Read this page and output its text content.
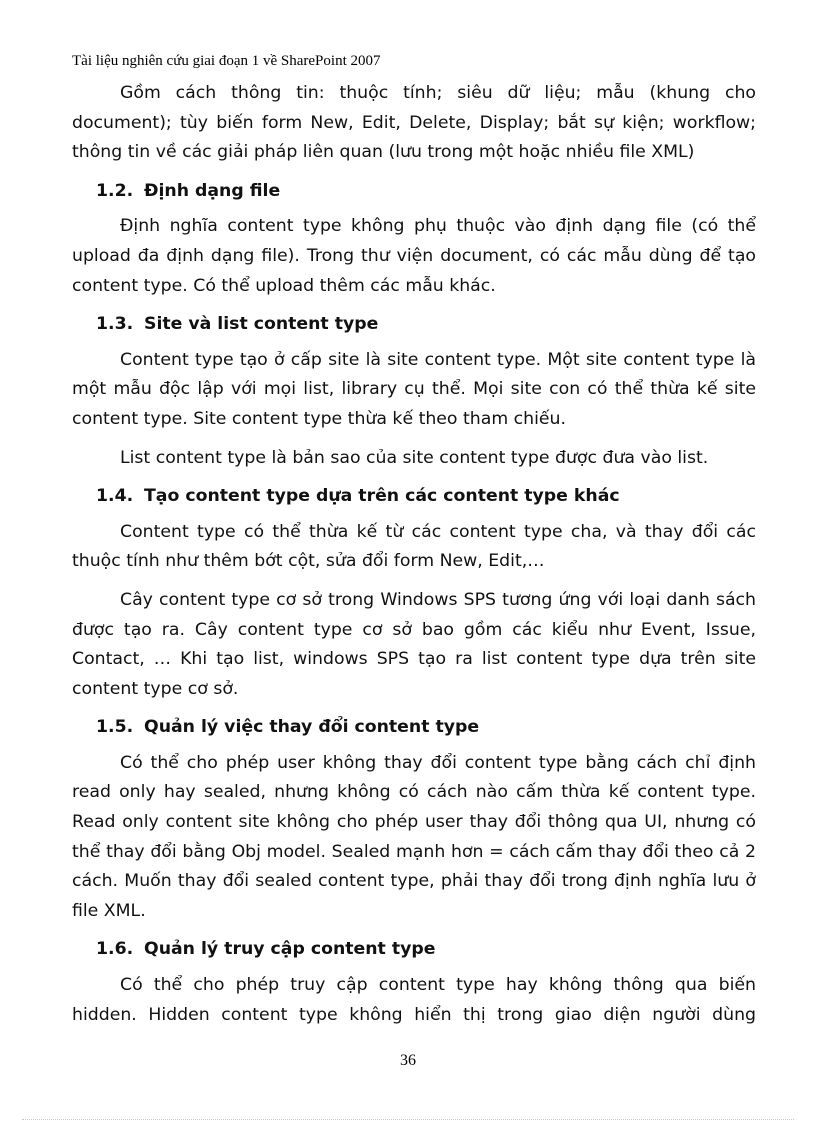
Tài liệu nghiên cứu giai đoạn 1 về SharePoint 2007

Gồm cách thông tin: thuộc tính; siêu dữ liệu; mẫu (khung cho document); tùy biến form New, Edit, Delete, Display; bắt sự kiện; workflow; thông tin về các giải pháp liên quan (lưu trong một hoặc nhiều file XML)

1.2. Định dạng file

Định nghĩa content type không phụ thuộc vào định dạng file (có thể upload đa định dạng file). Trong thư viện document, có các mẫu dùng để tạo content type. Có thể upload thêm các mẫu khác.

1.3. Site và list content type

Content type tạo ở cấp site là site content type. Một site content type là một mẫu độc lập với mọi list, library cụ thể. Mọi site con có thể thừa kế site content type. Site content type thừa kế theo tham chiếu.

List content type là bản sao của site content type được đưa vào list.

1.4. Tạo content type dựa trên các content type khác

Content type có thể thừa kế từ các content type cha, và thay đổi các thuộc tính như thêm bớt cột, sửa đổi form New, Edit,…

Cây content type cơ sở trong Windows SPS tương ứng với loại danh sách được tạo ra. Cây content type cơ sở bao gồm các kiểu như Event, Issue, Contact, … Khi tạo list, windows SPS tạo ra list content type dựa trên site content type cơ sở.

1.5. Quản lý việc thay đổi content type

Có thể cho phép user không thay đổi content type bằng cách chỉ định read only hay sealed, nhưng không có cách nào cấm thừa kế content type. Read only content site không cho phép user thay đổi thông qua UI, nhưng có thể thay đổi bằng Obj model. Sealed mạnh hơn = cách cấm thay đổi theo cả 2 cách. Muốn thay đổi sealed content type, phải thay đổi trong định nghĩa lưu ở file XML.

1.6. Quản lý truy cập content type

Có thể cho phép truy cập content type hay không thông qua biến hidden. Hidden content type không hiển thị trong giao diện người dùng

36
